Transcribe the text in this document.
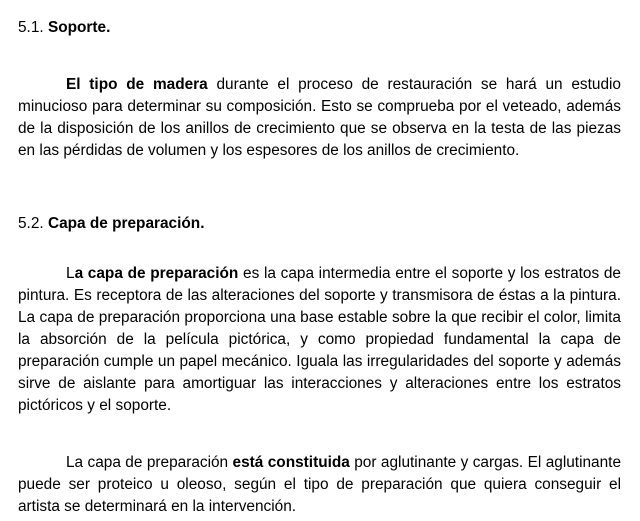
5.1. Soporte.

El tipo de madera durante el proceso de restauración se hará un estudio minucioso para determinar su composición. Esto se comprueba por el veteado, además de la disposición de los anillos de crecimiento que se observa en la testa de las piezas en las pérdidas de volumen y los espesores de los anillos de crecimiento.

5.2. Capa de preparación.

La capa de preparación es la capa intermedia entre el soporte y los estratos de pintura. Es receptora de las alteraciones del soporte y transmisora de éstas a la pintura. La capa de preparación proporciona una base estable sobre la que recibir el color, limita la absorción de la película pictórica, y como propiedad fundamental la capa de preparación cumple un papel mecánico. Iguala las irregularidades del soporte y además sirve de aislante para amortiguar las interacciones y alteraciones entre los estratos pictóricos y el soporte.

La capa de preparación está constituida por aglutinante y cargas. El aglutinante puede ser proteico u oleoso, según el tipo de preparación que quiera conseguir el artista se determinará en la intervención.
